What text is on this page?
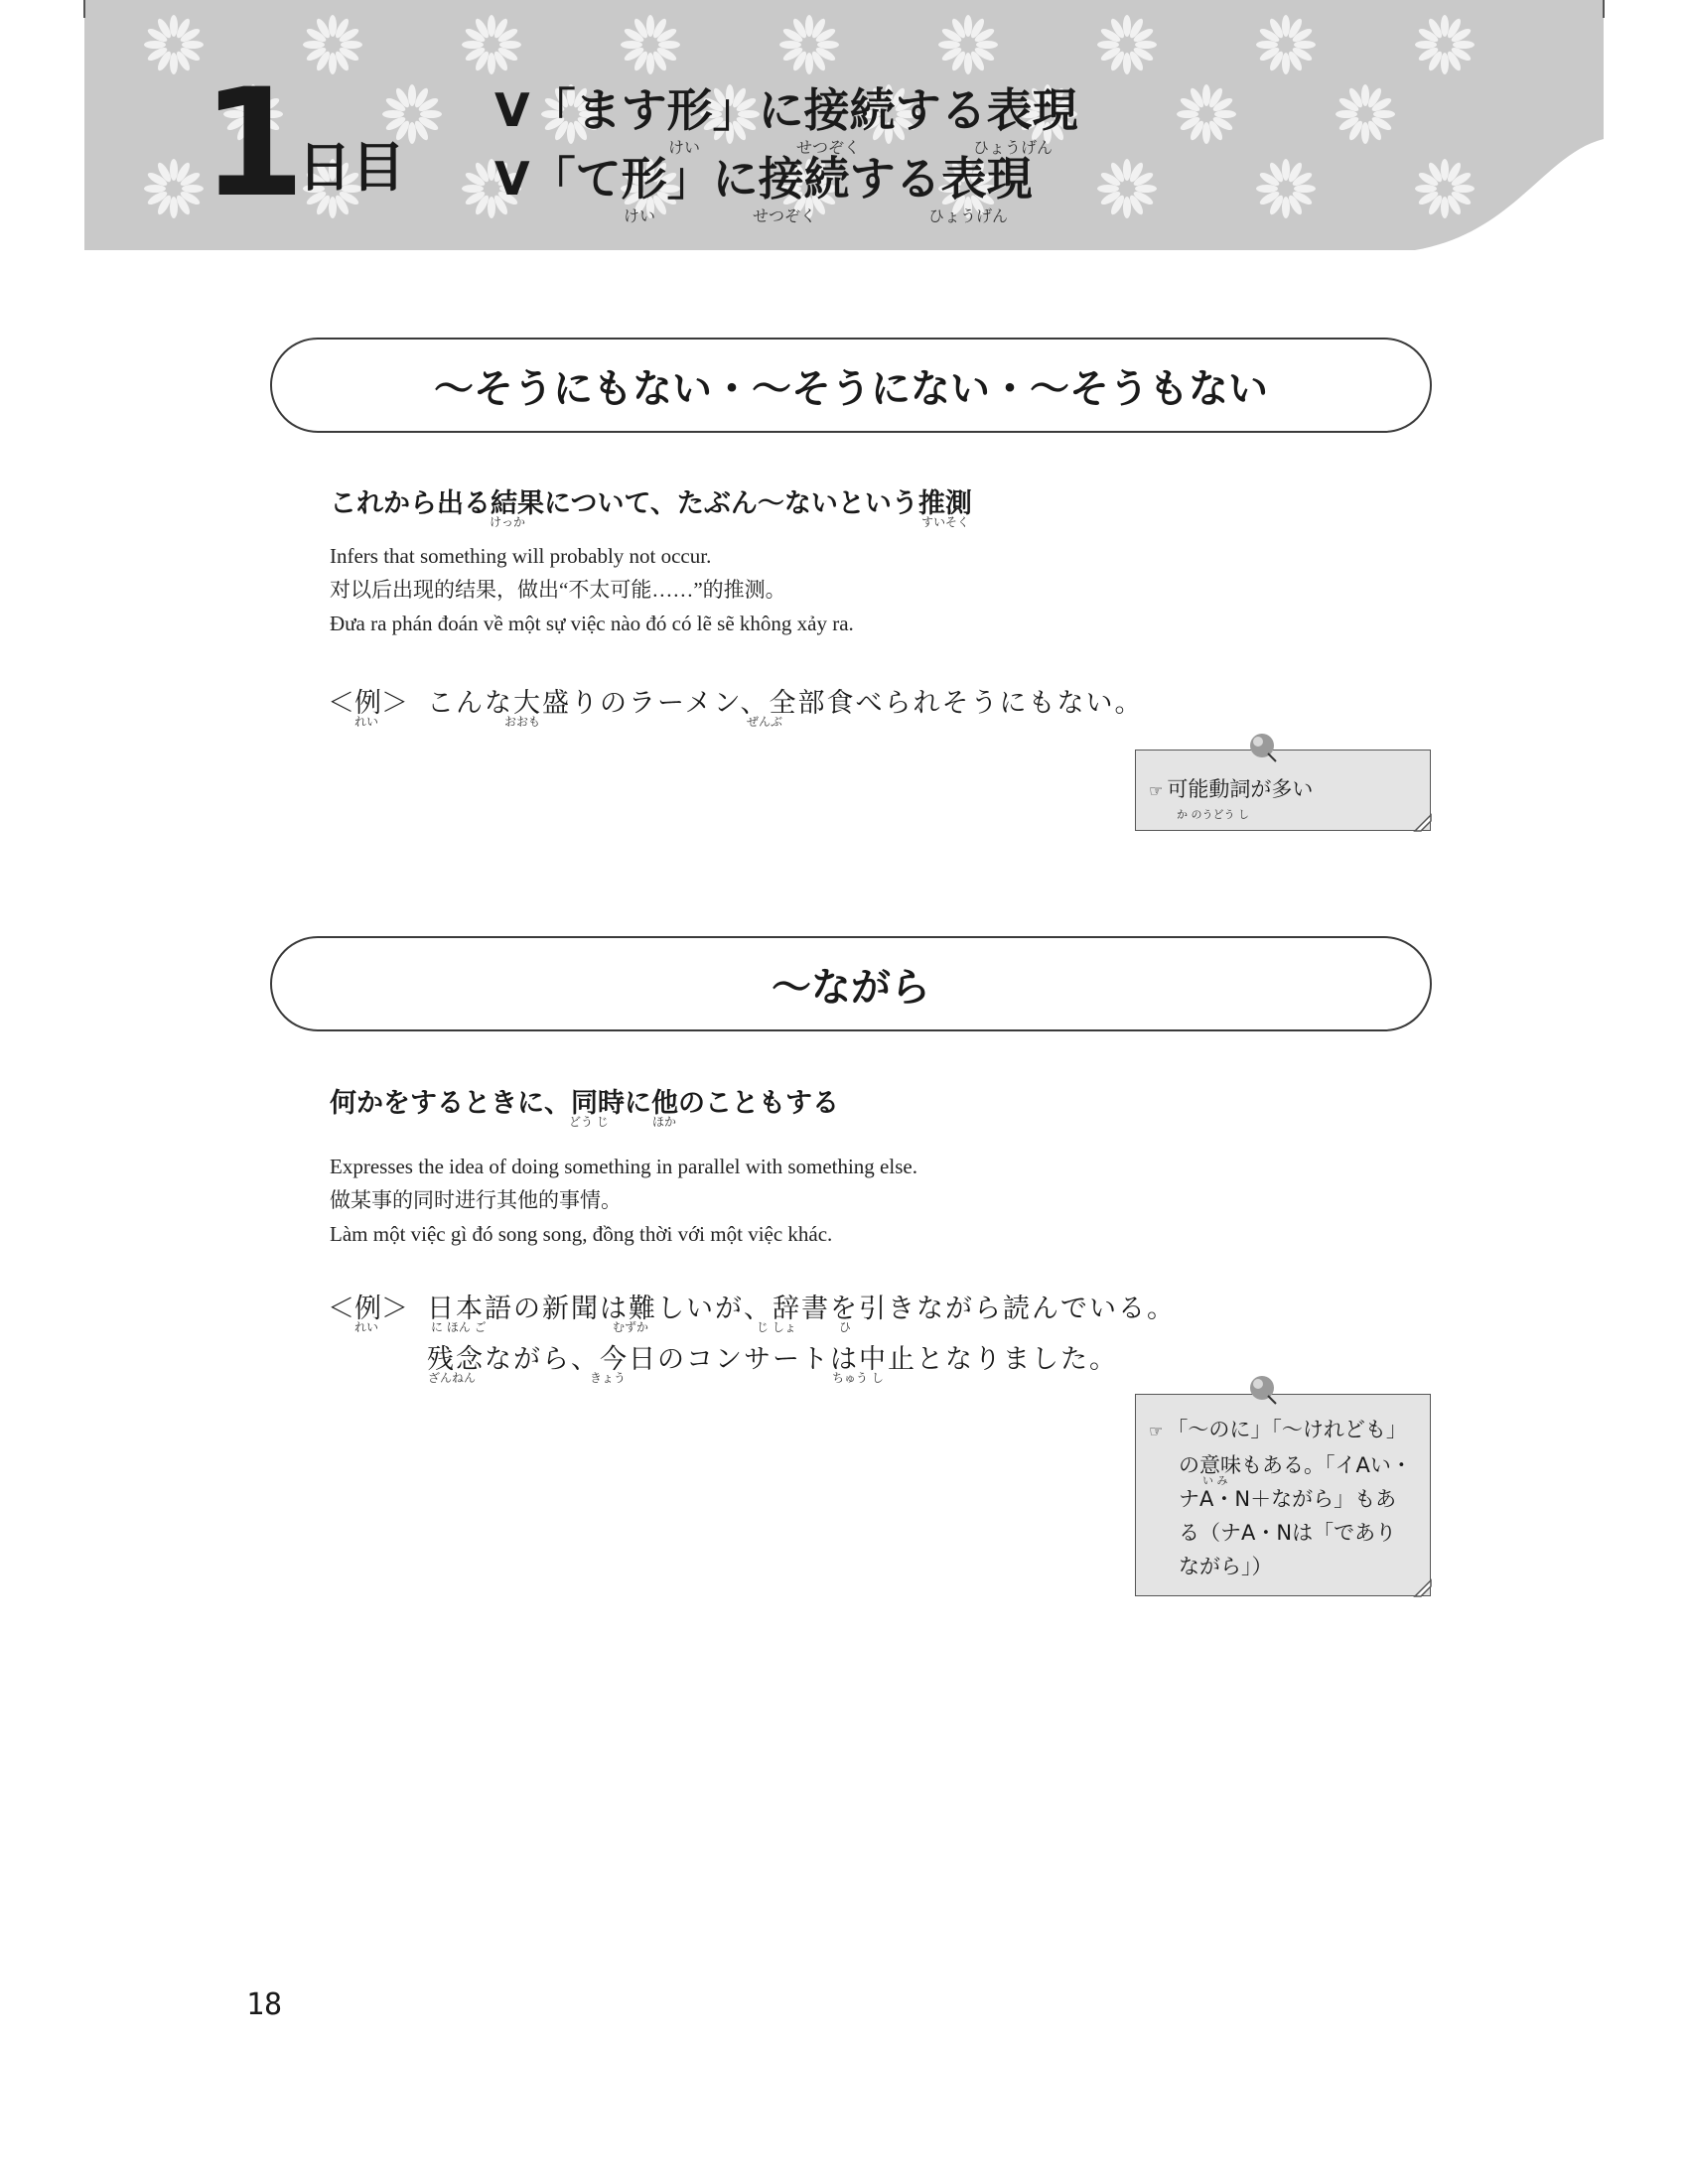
1
日目
V「ます形」に接続する表現
けい	せつぞく	ひょうげん
V「て形」に接続する表現
けい	せつぞく	ひょうげん
～そうにもない・～そうにない・～そうもない
これから出る結果について、たぶん～ないという推測
けっか	すいそく
Infers that something will probably not occur.
对以后出现的结果，做出“不太可能……”的推测。
Đưa ra phán đoán về một sự việc nào đó có lẽ sẽ không xảy ra.
＜例＞
れい
こんな大盛りのラーメン、全部食べられそうにもない。
おおも	ぜんぶ
☞ 可能動詞が多い
か のうどう し
～ながら
何かをするときに、同時に他のこともする
どう じ	ほか
Expresses the idea of doing something in parallel with something else.
做某事的同时进行其他的事情。
Làm một việc gì đó song song, đồng thời với một việc khác.
＜例＞
れい
日本語の新聞は難しいが、辞書を引きながら読んでいる。
に ほん ご	むずか	じ しょ	ひ
残念ながら、今日のコンサートは中止となりました。
ざんねん	きょう	ちゅう し
☞ 「～のに」「～けれども」
の意味もある。「イAい・
ナA・N＋ながら」もあ
る（ナA・Nは「であり
ながら」）
い み
18
